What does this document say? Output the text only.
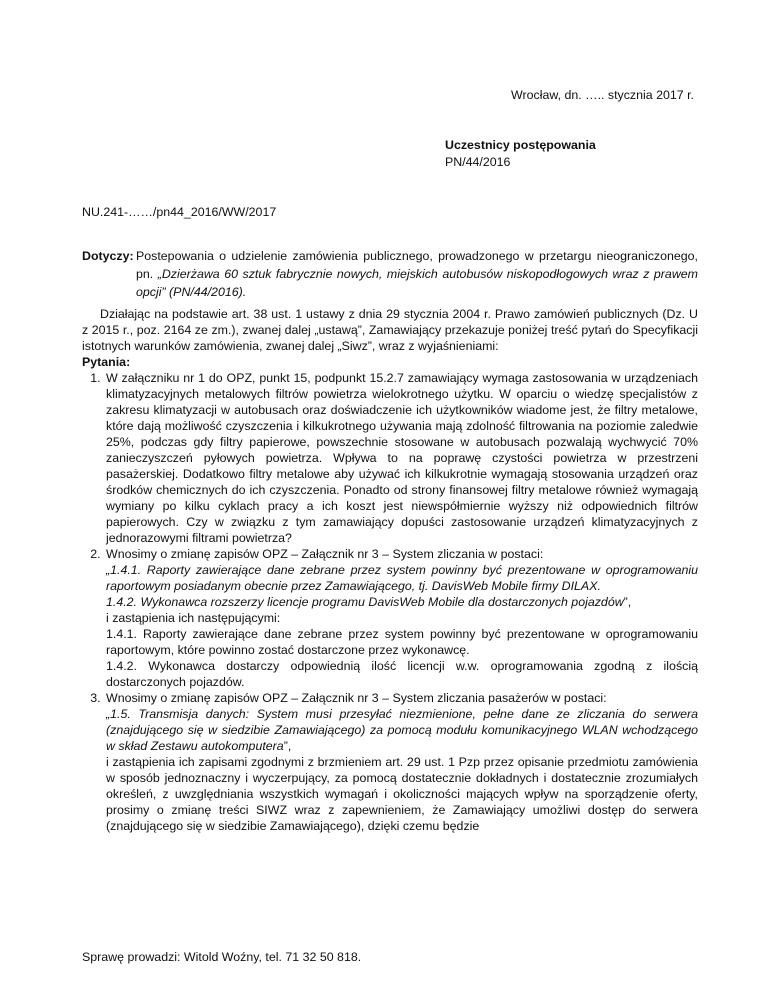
Wrocław, dn. ….. stycznia 2017 r.
Uczestnicy postępowania
PN/44/2016
NU.241-……/pn44_2016/WW/2017
Dotyczy: Postepowania o udzielenie zamówienia publicznego, prowadzonego w przetargu nieograniczonego, pn. „Dzierżawa 60 sztuk fabrycznie nowych, miejskich autobusów niskopodłogowych wraz z prawem opcji” (PN/44/2016).

Działając na podstawie art. 38 ust. 1 ustawy z dnia 29 stycznia 2004 r. Prawo zamówień publicznych (Dz. U z 2015 r., poz. 2164 ze zm.), zwanej dalej „ustawą”, Zamawiający przekazuje poniżej treść pytań do Specyfikacji istotnych warunków zamówienia, zwanej dalej „Siwz”, wraz z wyjaśnieniami:

Pytania:

1. W załączniku nr 1 do OPZ, punkt 15, podpunkt 15.2.7 zamawiający wymaga zastosowania w urządzeniach klimatyzacyjnych metalowych filtrów powietrza wielokrotnego użytku. W oparciu o wiedzę specjalistów z zakresu klimatyzacji w autobusach oraz doświadczenie ich użytkowników wiadome jest, że filtry metalowe, które dają możliwość czyszczenia i kilkukrotnego używania mają zdolność filtrowania na poziomie zaledwie 25%, podczas gdy filtry papierowe, powszechnie stosowane w autobusach pozwalają wychwycić 70% zanieczyszczeń pyłowych powietrza. Wpływa to na poprawę czystości powietrza w przestrzeni pasażerskiej. Dodatkowo filtry metalowe aby używać ich kilkukrotnie wymagają stosowania urządzeń oraz środków chemicznych do ich czyszczenia. Ponadto od strony finansowej filtry metalowe również wymagają wymiany po kilku cyklach pracy a ich koszt jest niewspółmiernie wyższy niż odpowiednich filtrów papierowych. Czy w związku z tym zamawiający dopuści zastosowanie urządzeń klimatyzacyjnych z jednorazowymi filtrami powietrza?
2. Wnosimy o zmianę zapisów OPZ – Załącznik nr 3 – System zliczania w postaci:
„1.4.1. Raporty zawierające dane zebrane przez system powinny być prezentowane w oprogramowaniu raportowym posiadanym obecnie przez Zamawiającego, tj. DavisWeb Mobile firmy DILAX.
1.4.2. Wykonawca rozszerzy licencje programu DavisWeb Mobile dla dostarczonych pojazdów”,
i zastąpienia ich następującymi:
1.4.1. Raporty zawierające dane zebrane przez system powinny być prezentowane w oprogramowaniu raportowym, które powinno zostać dostarczone przez wykonawcę.
1.4.2. Wykonawca dostarczy odpowiednią ilość licencji w.w. oprogramowania zgodną z ilością dostarczonych pojazdów.
3. Wnosimy o zmianę zapisów OPZ – Załącznik nr 3 – System zliczania pasażerów w postaci:
„1.5. Transmisja danych: System musi przesyłać niezmienione, pełne dane ze zliczania do serwera (znajdującego się w siedzibie Zamawiającego) za pomocą modułu komunikacyjnego WLAN wchodzącego w skład Zestawu autokomputera”,
i zastąpienia ich zapisami zgodnymi z brzmieniem art. 29 ust. 1 Pzp przez opisanie przedmiotu zamówienia w sposób jednoznaczny i wyczerpujący, za pomocą dostatecznie dokładnych i dostatecznie zrozumiałych określeń, z uwzględniania wszystkich wymagań i okoliczności mających wpływ na sporządzenie oferty, prosimy o zmianę treści SIWZ wraz z zapewnieniem, że Zamawiający umożliwi dostęp do serwera (znajdującego się w siedzibie Zamawiającego), dzięki czemu będzie
Sprawę prowadzi: Witold Woźny, tel. 71 32 50 818.
